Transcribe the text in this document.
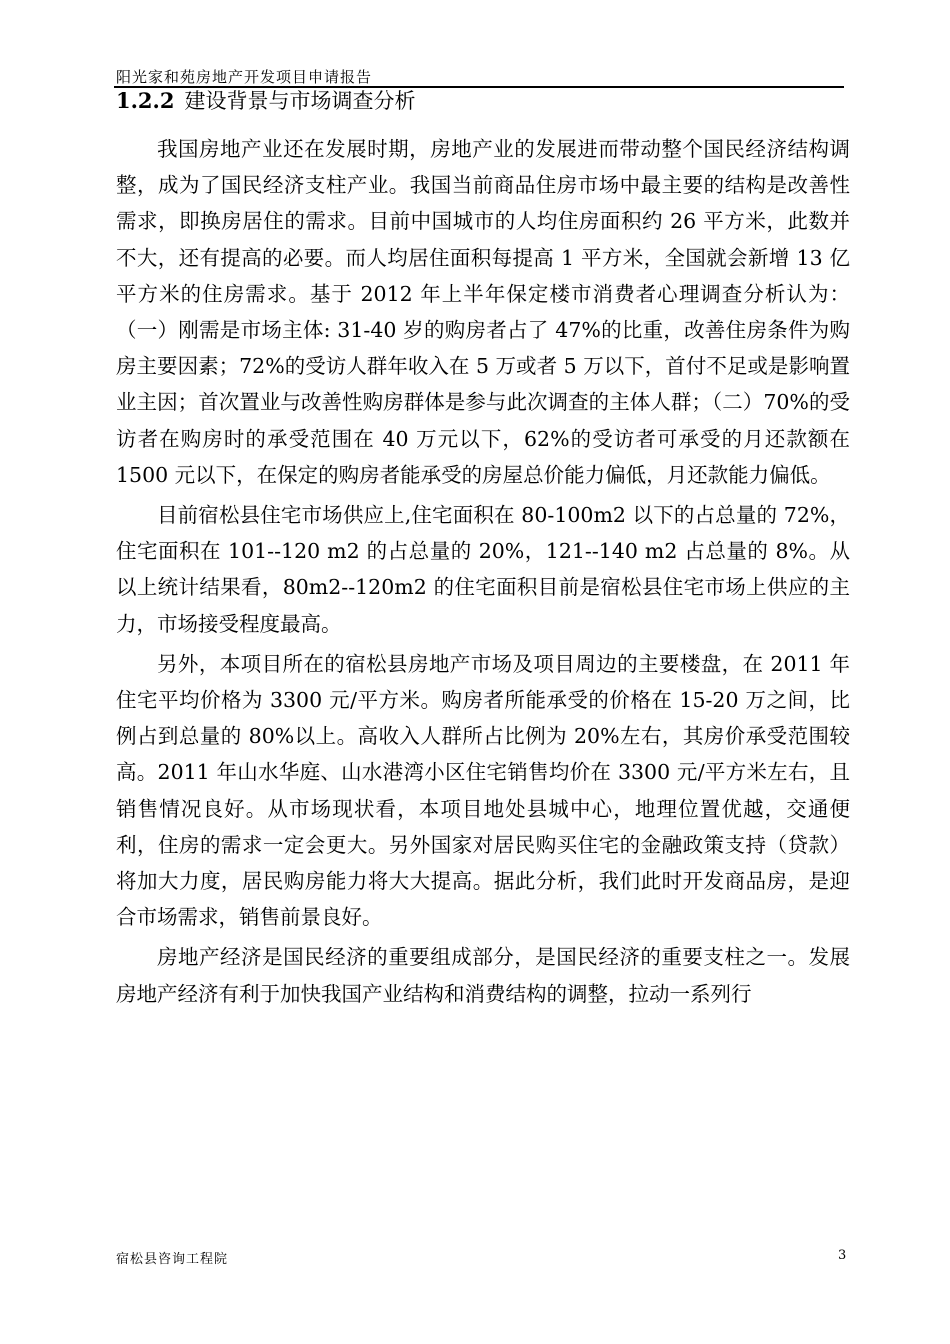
阳光家和苑房地产开发项目申请报告
1.2.2 建设背景与市场调查分析

我国房地产业还在发展时期，房地产业的发展进而带动整个国民经济结构调整，成为了国民经济支柱产业。我国当前商品住房市场中最主要的结构是改善性需求，即换房居住的需求。目前中国城市的人均住房面积约 26 平方米，此数并不大，还有提高的必要。而人均居住面积每提高 1 平方米，全国就会新增 13 亿平方米的住房需求。基于 2012 年上半年保定楼市消费者心理调查分析认为：（一）刚需是市场主体: 31-40 岁的购房者占了 47%的比重，改善住房条件为购房主要因素；72%的受访人群年收入在 5 万或者 5 万以下，首付不足或是影响置业主因；首次置业与改善性购房群体是参与此次调查的主体人群；（二）70%的受访者在购房时的承受范围在 40 万元以下，62%的受访者可承受的月还款额在 1500 元以下，在保定的购房者能承受的房屋总价能力偏低，月还款能力偏低。

目前宿松县住宅市场供应上,住宅面积在 80-100m2 以下的占总量的 72%，住宅面积在 101--120 m2 的占总量的 20%，121--140 m2 占总量的 8%。从以上统计结果看，80m2--120m2 的住宅面积目前是宿松县住宅市场上供应的主力，市场接受程度最高。

另外，本项目所在的宿松县房地产市场及项目周边的主要楼盘，在 2011 年住宅平均价格为 3300 元/平方米。购房者所能承受的价格在 15-20 万之间，比例占到总量的 80%以上。高收入人群所占比例为 20%左右，其房价承受范围较高。2011 年山水华庭、山水港湾小区住宅销售均价在 3300 元/平方米左右，且销售情况良好。从市场现状看，本项目地处县城中心，地理位置优越，交通便利，住房的需求一定会更大。另外国家对居民购买住宅的金融政策支持（贷款）将加大力度，居民购房能力将大大提高。据此分析，我们此时开发商品房，是迎合市场需求，销售前景良好。

房地产经济是国民经济的重要组成部分，是国民经济的重要支柱之一。发展房地产经济有利于加快我国产业结构和消费结构的调整，拉动一系列行

宿松县咨询工程院	3
